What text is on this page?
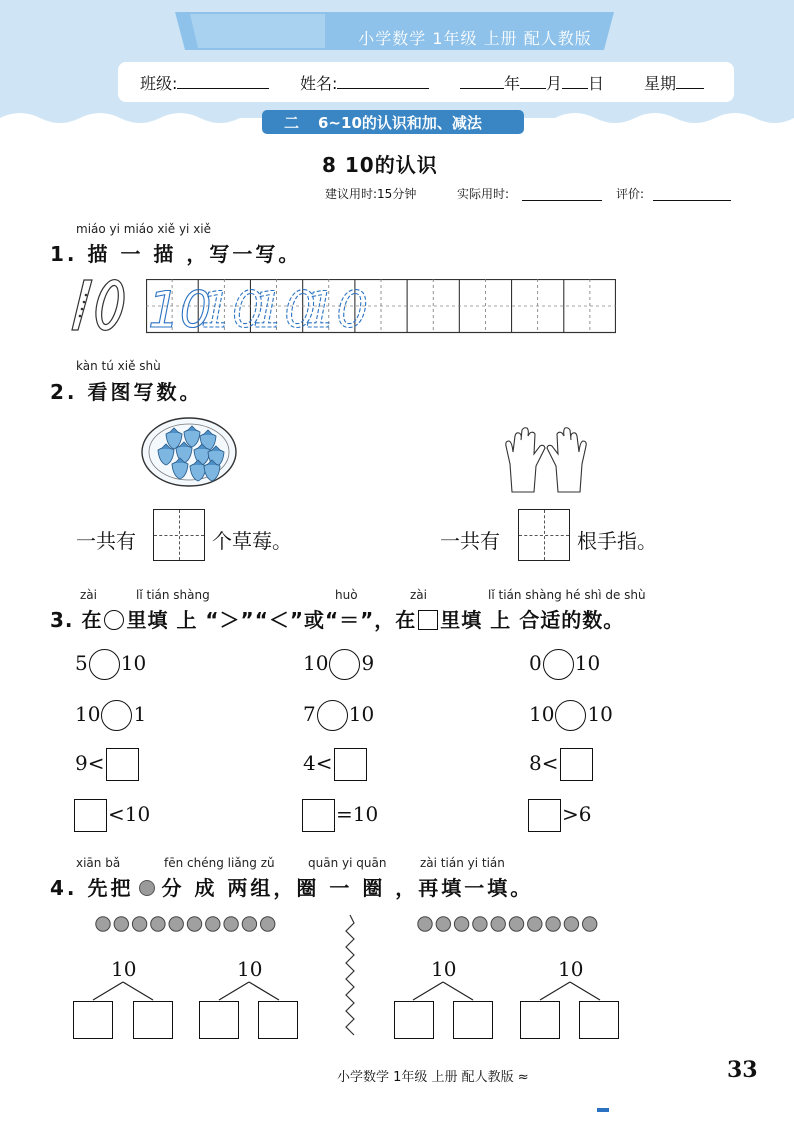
小学数学 1年级 上册 配人教版
班级:	姓名:	年 月 日 星期
二 6~10的认识和加、减法
8 10的认识
建议用时:15分钟	实际用时:	评价:
miáo yi miáo xiě yi xiě
1. 描 一 描 ，写一写。
10
10
10
10
kàn tú xiě shù
2. 看图写数。
一共有	个草莓。	一共有	根手指。
zài	lǐ tián shàng	huò	zài	lǐ tián shàng hé shì de shù
3. 在 里填 上 “＞”“＜”或“＝”，在 里填 上 合适的数。
5 10	10 9	0 10
10 1	7 10	10 10
9<	4<	8<
<10	=10	>6
xiān bǎ	fēn chéng liǎng zǔ	quān yi quān	zài tián yi tián
4. 先把 分 成 两组，圈 一 圈 ，再填一填。
10	10	10	10
小学数学 1年级 上册 配人教版 ≈	33
